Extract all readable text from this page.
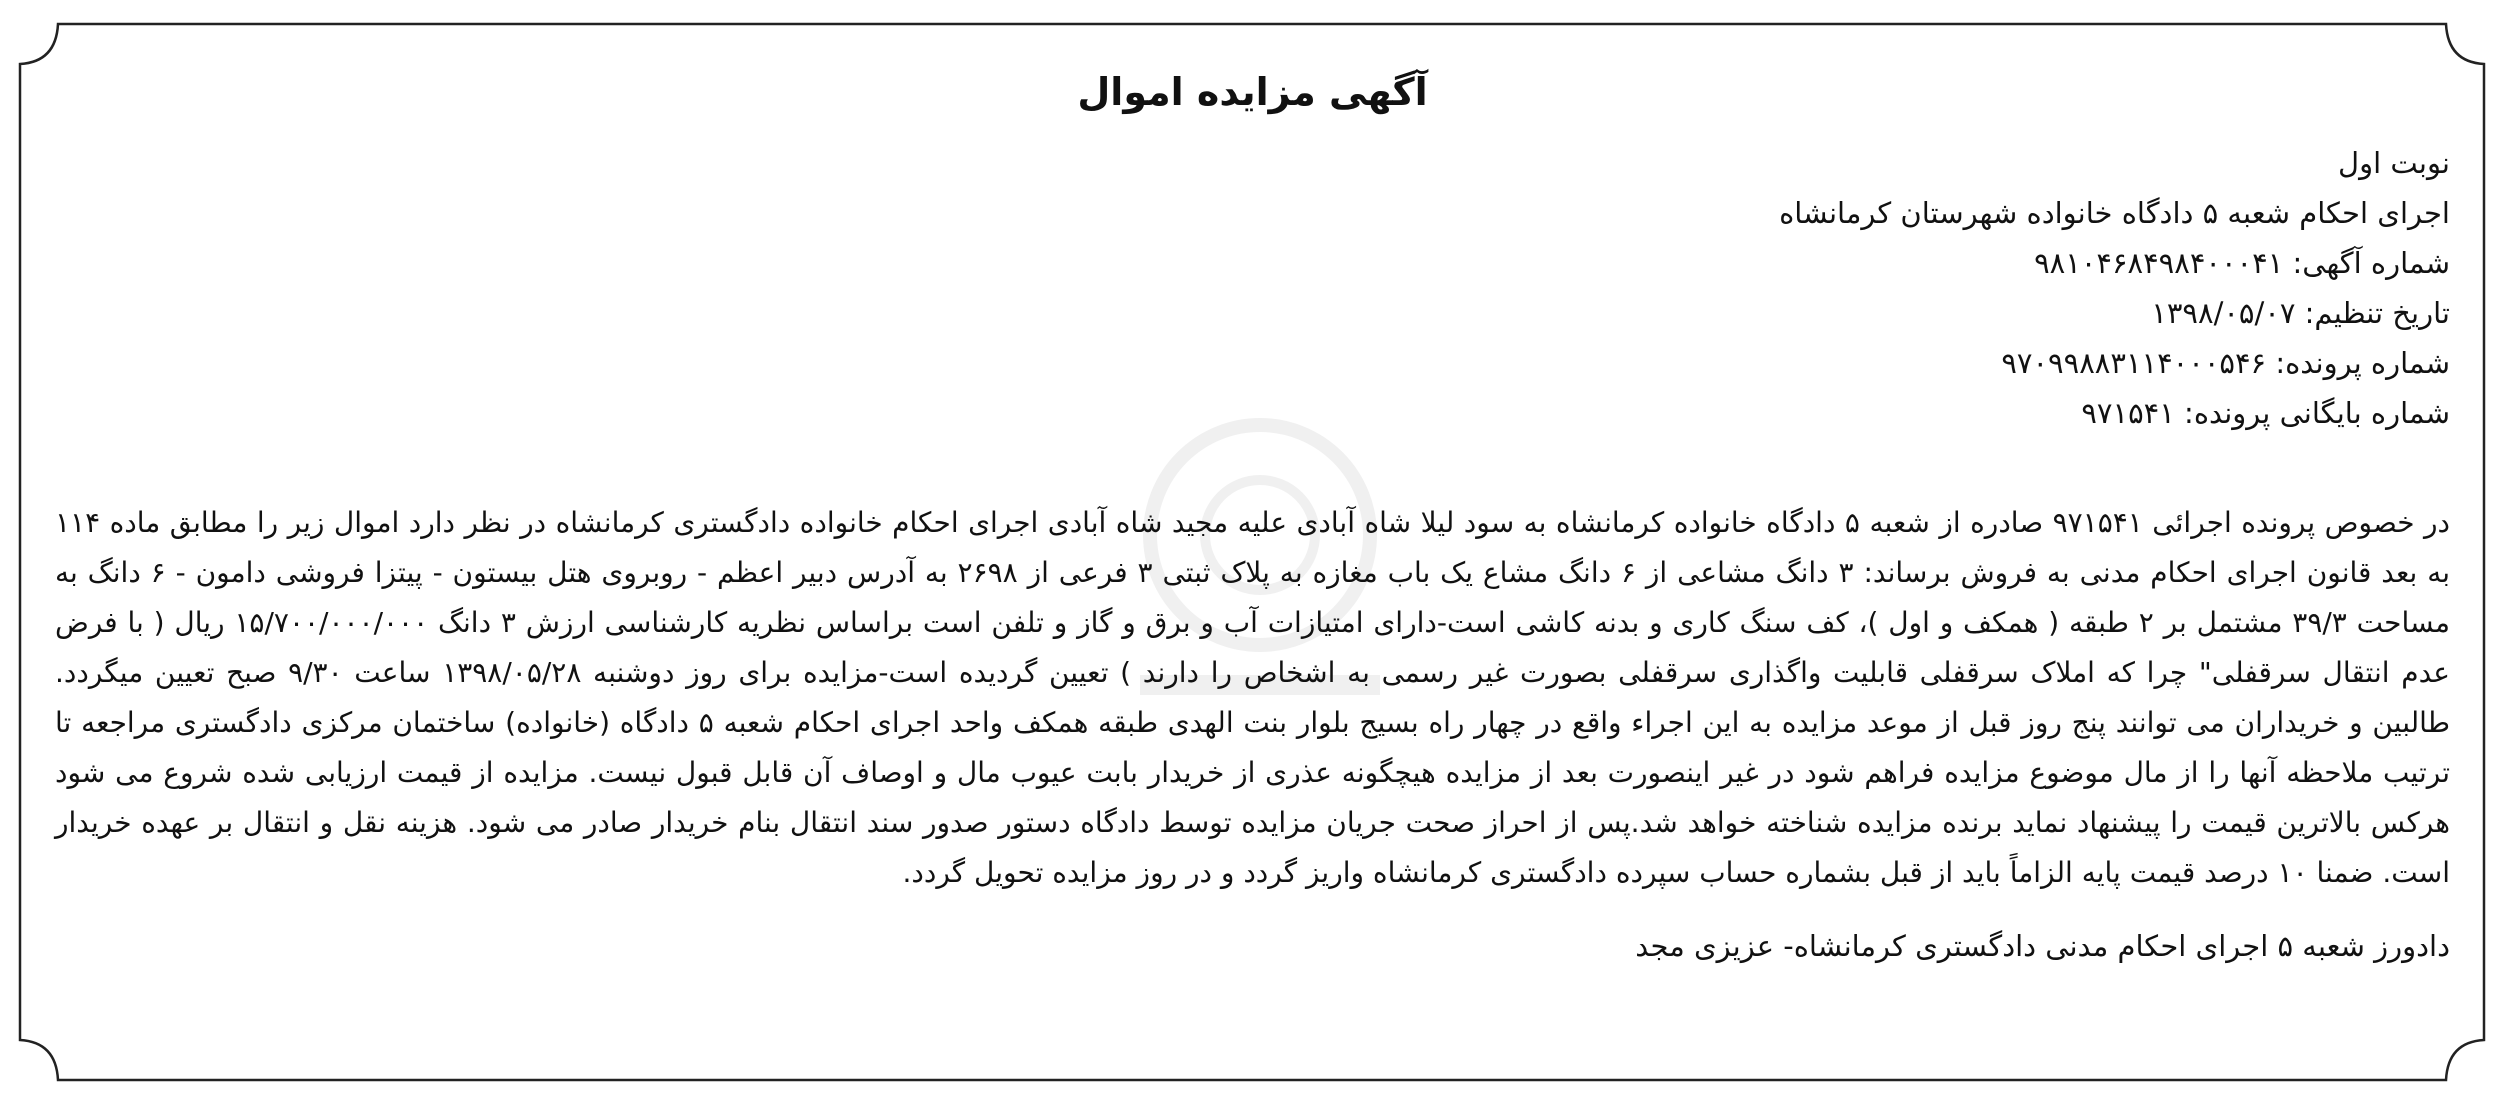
آگهی مزایده اموال
نوبت اول
اجرای احکام شعبه ۵ دادگاه خانواده شهرستان کرمانشاه
شماره آگهی: ۹۸۱۰۴۶۸۴۹۸۴۰۰۰۴۱
تاریخ تنظیم: ۱۳۹۸/۰۵/۰۷
شماره پرونده: ۹۷۰۹۹۸۸۳۱۱۴۰۰۰۵۴۶
شماره بایگانی پرونده: ۹۷۱۵۴۱
در خصوص پرونده اجرائی ۹۷۱۵۴۱ صادره از شعبه ۵ دادگاه خانواده کرمانشاه به سود لیلا شاه آبادی علیه مجید شاه آبادی اجرای احکام خانواده دادگستری کرمانشاه در نظر دارد اموال زیر را مطابق ماده ۱۱۴ به بعد قانون اجرای احکام مدنی به فروش برساند: ۳ دانگ مشاعی از ۶ دانگ مشاع یک باب مغازه به پلاک ثبتی ۳ فرعی از ۲۶۹۸ به آدرس دبیر اعظم - روبروی هتل بیستون - پیتزا فروشی دامون - ۶ دانگ به مساحت ۳۹/۳ مشتمل بر ۲ طبقه ( همکف و اول )، کف سنگ کاری و بدنه کاشی است-دارای امتیازات آب و برق و گاز و تلفن است براساس نظریه کارشناسی ارزش ۳ دانگ ۱۵/۷۰۰/۰۰۰/۰۰۰ ریال ( با فرض عدم انتقال سرقفلی" چرا که املاک سرقفلی قابلیت واگذاری سرقفلی بصورت غیر رسمی به اشخاص را دارند ) تعیین گردیده است-مزایده برای روز دوشنبه ۱۳۹۸/۰۵/۲۸ ساعت ۹/۳۰ صبح تعیین میگردد. طالبین و خریداران می توانند پنج روز قبل از موعد مزایده به این اجراء واقع در چهار راه بسیج بلوار بنت الهدی طبقه همکف واحد اجرای احکام شعبه ۵ دادگاه (خانواده) ساختمان مرکزی دادگستری مراجعه تا ترتیب ملاحظه آنها را از مال موضوع مزایده فراهم شود در غیر اینصورت بعد از مزایده هیچگونه عذری از خریدار بابت عیوب مال و اوصاف آن قابل قبول نیست. مزایده از قیمت ارزیابی شده شروع می شود هرکس بالاترین قیمت را پیشنهاد نماید برنده مزایده شناخته خواهد شد.پس از احراز صحت جریان مزایده توسط دادگاه دستور صدور سند انتقال بنام خریدار صادر می شود. هزینه نقل و انتقال بر عهده خریدار است. ضمنا ۱۰ درصد قیمت پایه الزاماً باید از قبل بشماره حساب سپرده دادگستری کرمانشاه واریز گردد و در روز مزایده تحویل گردد.
دادورز شعبه ۵ اجرای احکام مدنی دادگستری کرمانشاه- عزیزی مجد
